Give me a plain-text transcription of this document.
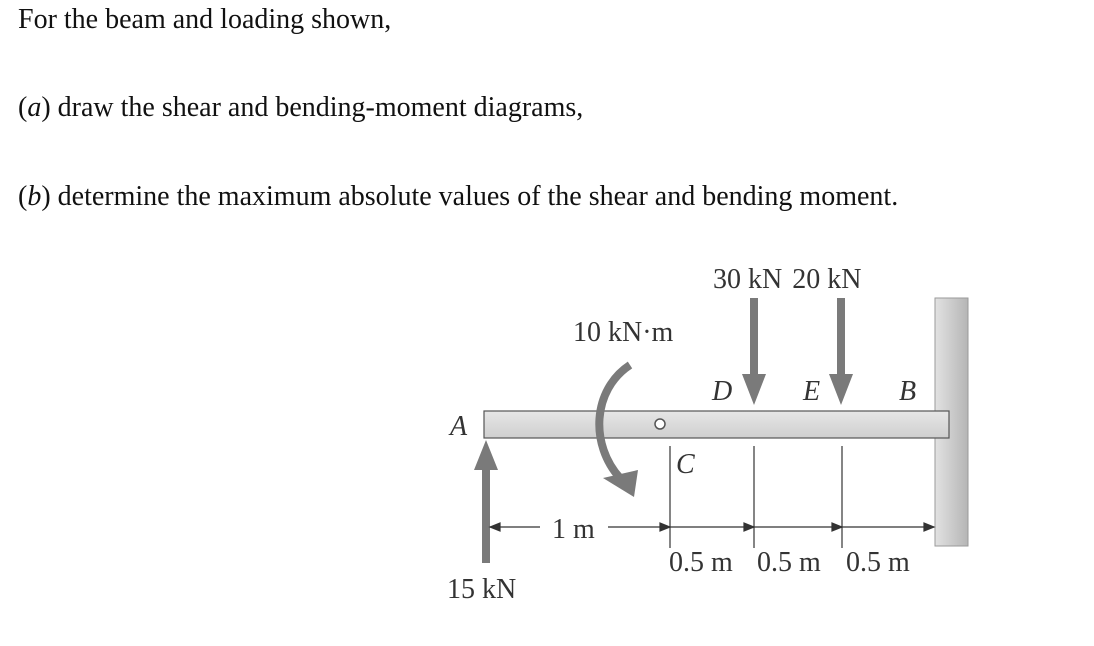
For the beam and loading shown,
(a) draw the shear and bending-moment diagrams,
(b) determine the maximum absolute values of the shear and bending moment.
30 kN 20 kN
10 kN·m
D	E	B
A
C
1 m
0.5 m 0.5 m 0.5 m
15 kN
